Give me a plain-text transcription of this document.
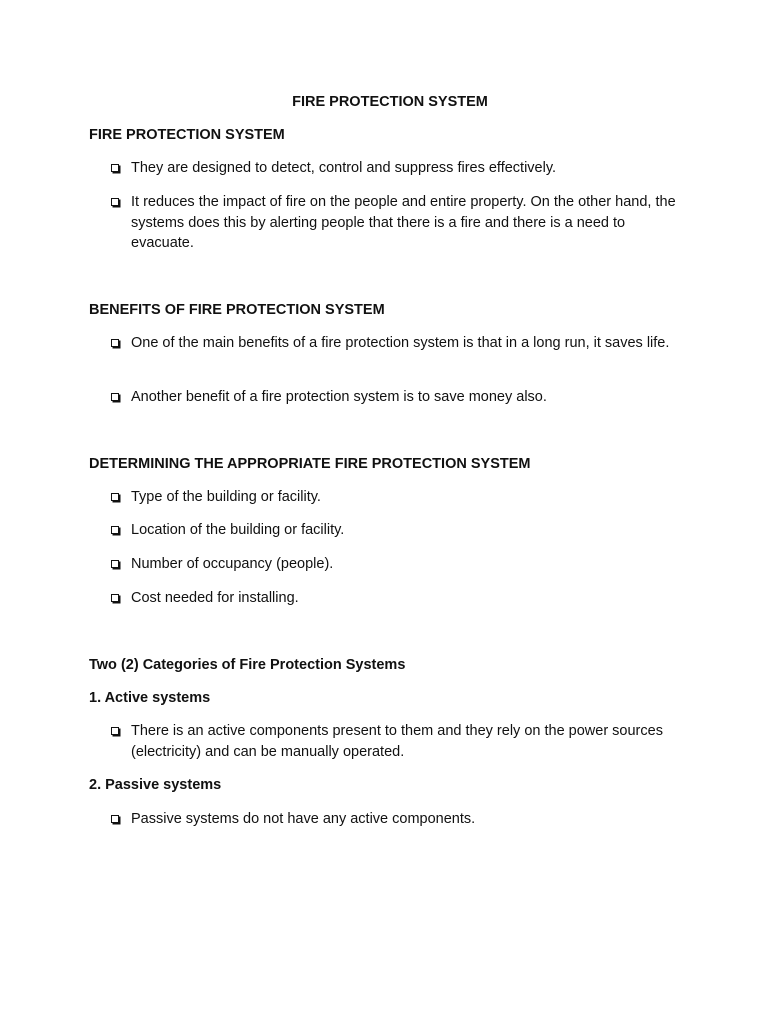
FIRE PROTECTION SYSTEM
FIRE PROTECTION SYSTEM
They are designed to detect, control and suppress fires effectively.
It reduces the impact of fire on the people and entire property. On the other hand, the systems does this by alerting people that there is a fire and there is a need to evacuate.
BENEFITS OF FIRE PROTECTION SYSTEM
One of the main benefits of a fire protection system is that in a long run, it saves life.
Another benefit of a fire protection system is to save money also.
DETERMINING THE APPROPRIATE FIRE PROTECTION SYSTEM
Type of the building or facility.
Location of the building or facility.
Number of occupancy (people).
Cost needed for installing.
Two (2) Categories of Fire Protection Systems
1. Active systems
There is an active components present to them and they rely on the power sources (electricity) and can be manually operated.
2. Passive systems
Passive systems do not have any active components.
